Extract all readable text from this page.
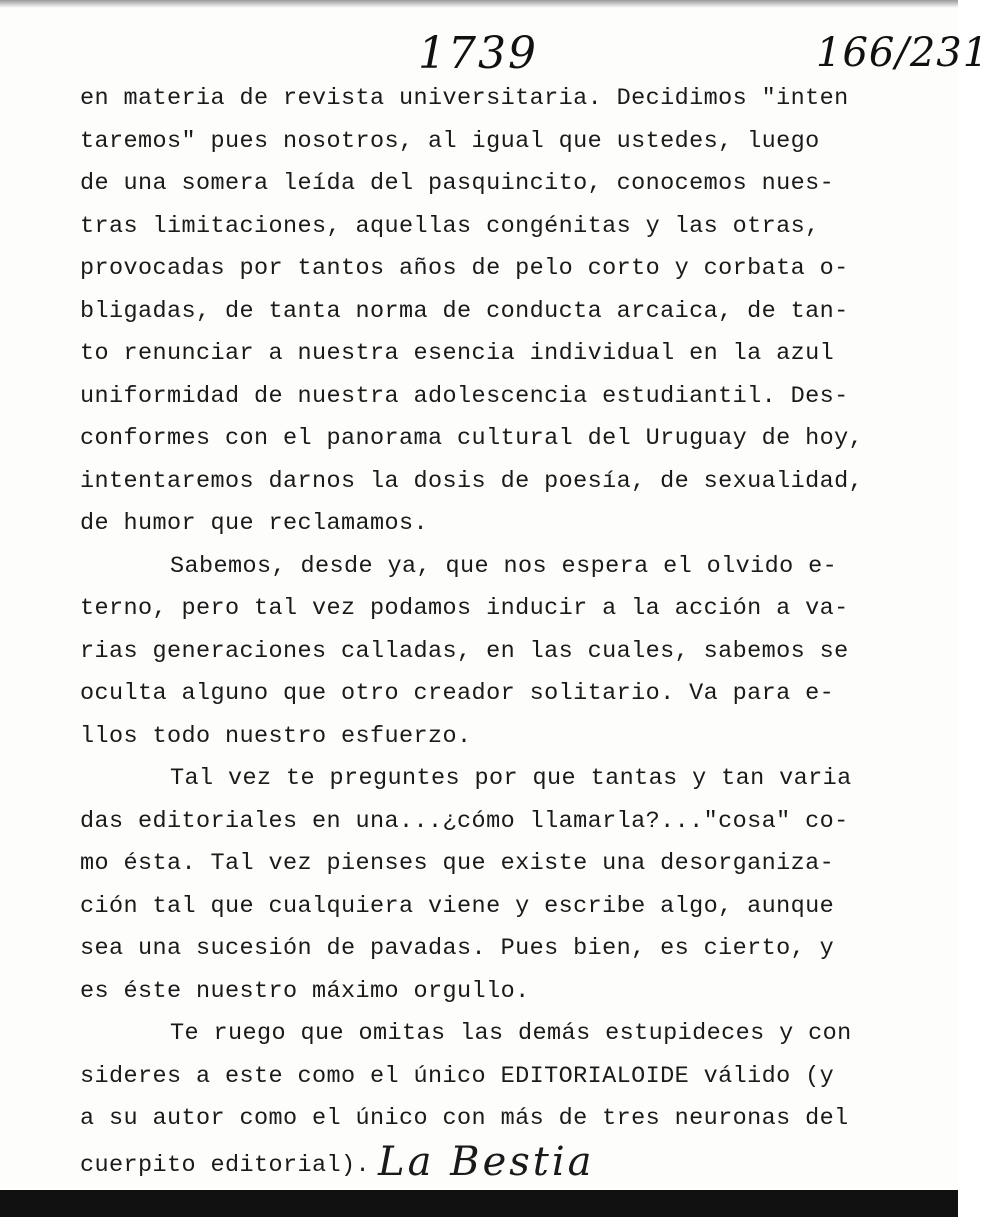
1739	166/231
en materia de revista universitaria. Decidimos "inten
taremos" pues nosotros, al igual que ustedes, luego
de una somera leída del pasquincito, conocemos nues-
tras limitaciones, aquellas congénitas y las otras,
provocadas por tantos años de pelo corto y corbata o-
bligadas, de tanta norma de conducta arcaica, de tan-
to renunciar a nuestra esencia individual en la azul
uniformidad de nuestra adolescencia estudiantil. Des-
conformes con el panorama cultural del Uruguay de hoy,
intentaremos darnos la dosis de poesía, de sexualidad,
de humor que reclamamos.
Sabemos, desde ya, que nos espera el olvido e-
terno, pero tal vez podamos inducir a la acción a va-
rias generaciones calladas, en las cuales, sabemos se
oculta alguno que otro creador solitario. Va para e-
llos todo nuestro esfuerzo.
Tal vez te preguntes por que tantas y tan varia
das editoriales en una...¿cómo llamarla?..."cosa" co-
mo ésta. Tal vez pienses que existe una desorganiza-
ción tal que cualquiera viene y escribe algo, aunque
sea una sucesión de pavadas. Pues bien, es cierto, y
es éste nuestro máximo orgullo.
Te ruego que omitas las demás estupideces y con
sideres a este como el único EDITORIALOIDE válido (y
a su autor como el único con más de tres neuronas del
cuerpito editorial). La Bestia
